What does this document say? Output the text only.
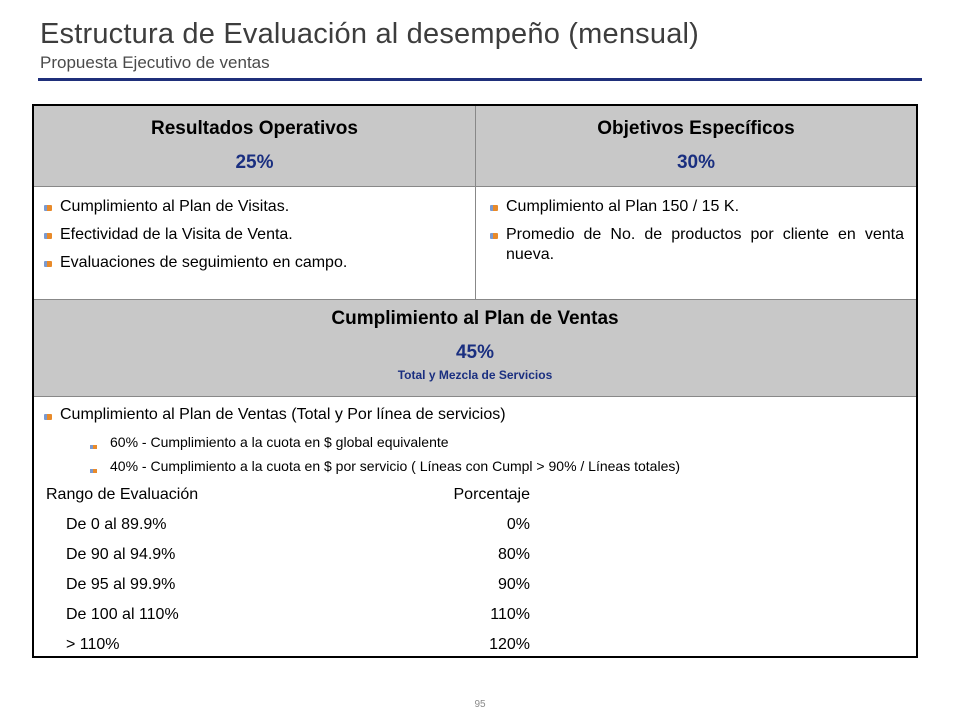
Estructura de Evaluación al desempeño (mensual)
Propuesta Ejecutivo de ventas
Resultados Operativos
25%
Objetivos Específicos
30%
Cumplimiento al Plan de Visitas.
Efectividad de la Visita de Venta.
Evaluaciones de seguimiento en campo.
Cumplimiento al Plan 150 / 15 K.
Promedio de No. de productos por cliente en venta nueva.
Cumplimiento al Plan de Ventas
45%
Total y Mezcla de Servicios
Cumplimiento al Plan de Ventas (Total y Por línea de servicios)
60% - Cumplimiento a la cuota en $ global equivalente
40% - Cumplimiento a la cuota en $ por servicio ( Líneas con Cumpl > 90% / Líneas totales)
Rango de Evaluación	Porcentaje
De 0 al 89.9%	0%
De 90 al 94.9%	80%
De 95 al 99.9%	90%
De 100 al 110%	110%
> 110%	120%
95
